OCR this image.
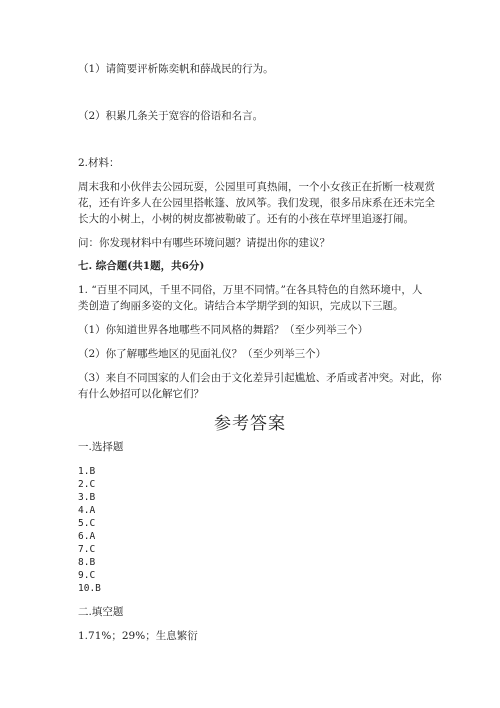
（1）请简要评析陈奕帆和薛战民的行为。
（2）积累几条关于宽容的俗语和名言。
2.材料：
周末我和小伙伴去公园玩耍，公园里可真热闹，一个小女孩正在折断一枝观赏
花，还有许多人在公园里搭帐篷、放风筝。我们发现，很多吊床系在还未完全
长大的小树上，小树的树皮都被勒破了。还有的小孩在草坪里追逐打闹。
问：你发现材料中有哪些环境问题？请提出你的建议？
七. 综合题(共1题，共6分)
1. “百里不同风，千里不同俗，万里不同情。”在各具特色的自然环境中，人
类创造了绚丽多姿的文化。请结合本学期学到的知识，完成以下三题。
（1）你知道世界各地哪些不同风格的舞蹈？（至少列举三个）
（2）你了解哪些地区的见面礼仪？（至少列举三个）
（3）来自不同国家的人们会由于文化差异引起尴尬、矛盾或者冲突。对此，你
有什么妙招可以化解它们？
参考答案
一.选择题
1.B
2.C
3.B
4.A
5.C
6.A
7.C
8.B
9.C
10.B
二.填空题
1.71%；29%；生息繁衍
